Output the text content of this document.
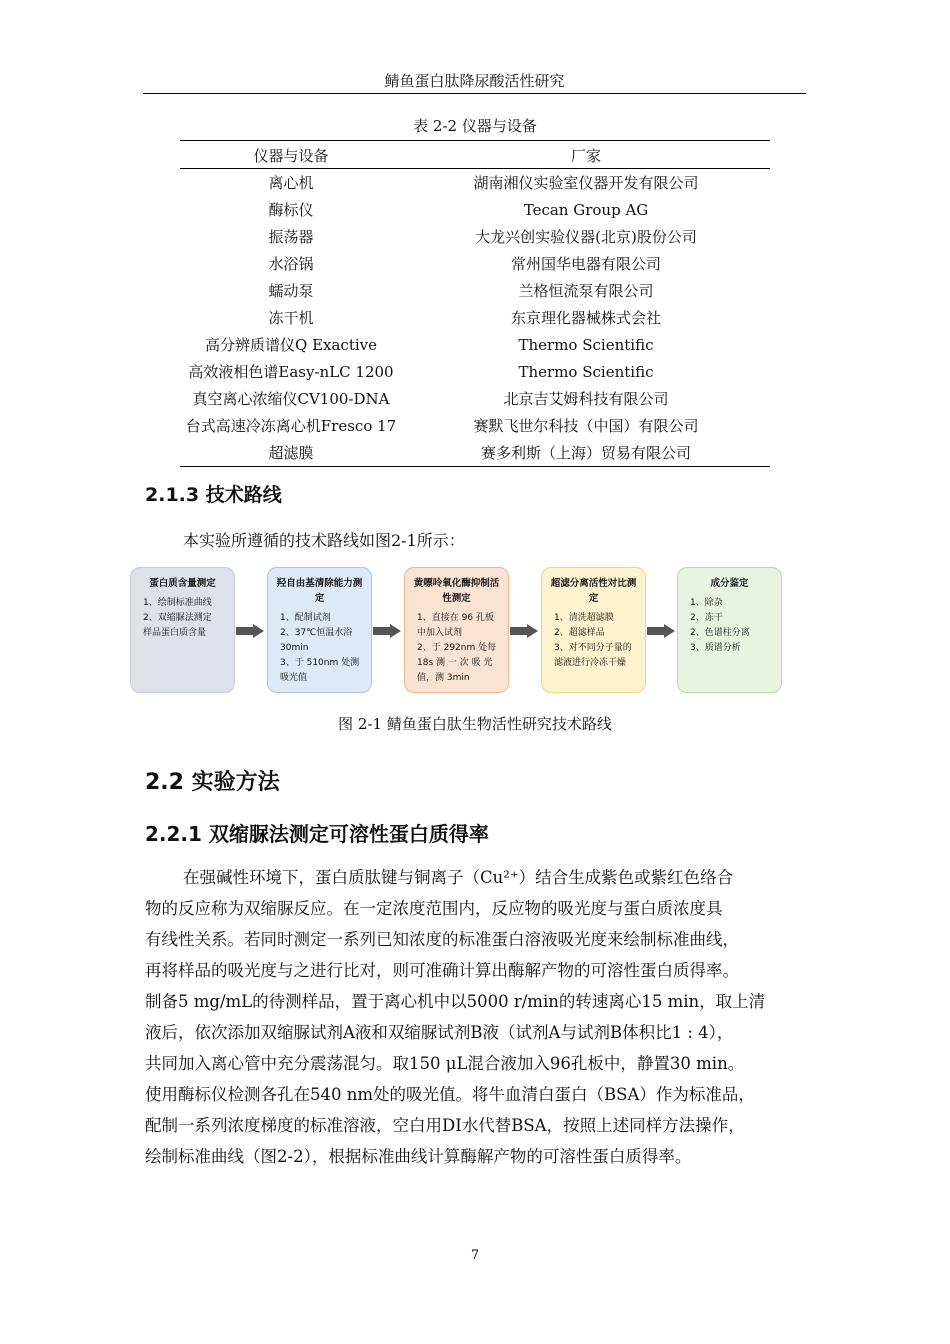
鲭鱼蛋白肽降尿酸活性研究
表 2-2 仪器与设备
仪器与设备	厂家
离心机	湖南湘仪实验室仪器开发有限公司
酶标仪	Tecan Group AG
振荡器	大龙兴创实验仪器(北京)股份公司
水浴锅	常州国华电器有限公司
蠕动泵	兰格恒流泵有限公司
冻干机	东京理化器械株式会社
高分辨质谱仪Q Exactive	Thermo Scientific
高效液相色谱Easy-nLC 1200	Thermo Scientific
真空离心浓缩仪CV100-DNA	北京吉艾姆科技有限公司
台式高速冷冻离心机Fresco 17	赛默飞世尔科技（中国）有限公司
超滤膜	赛多利斯（上海）贸易有限公司
2.1.3 技术路线

本实验所遵循的技术路线如图2-1所示：

蛋白质含量测定
1、绘制标准曲线
2、双缩脲法测定
样品蛋白质含量
羟自由基清除能力测定
1、配制试剂
2、37℃恒温水浴
30min
3、于 510nm 处测
吸光值
黄嘌呤氧化酶抑制活性测定
1、直接在 96 孔板
中加入试剂
2、于 292nm 处每
18s 测 一 次 吸 光
值，测 3min
超滤分离活性对比测定
1、清洗超滤膜
2、超滤样品
3、对不同分子量的
滤液进行冷冻干燥
成分鉴定
1、除杂
2、冻干
2、色谱柱分离
3、质谱分析
图 2-1 鲭鱼蛋白肽生物活性研究技术路线
2.2 实验方法
2.2.1 双缩脲法测定可溶性蛋白质得率
在强碱性环境下，蛋白质肽键与铜离子（Cu²⁺）结合生成紫色或紫红色络合
物的反应称为双缩脲反应。在一定浓度范围内，反应物的吸光度与蛋白质浓度具
有线性关系。若同时测定一系列已知浓度的标准蛋白溶液吸光度来绘制标准曲线，
再将样品的吸光度与之进行比对，则可准确计算出酶解产物的可溶性蛋白质得率。
制备5 mg/mL的待测样品，置于离心机中以5000 r/min的转速离心15 min，取上清
液后，依次添加双缩脲试剂A液和双缩脲试剂B液（试剂A与试剂B体积比1 : 4），
共同加入离心管中充分震荡混匀。取150 μL混合液加入96孔板中，静置30 min。
使用酶标仪检测各孔在540 nm处的吸光值。将牛血清白蛋白（BSA）作为标准品，
配制一系列浓度梯度的标准溶液，空白用DI水代替BSA，按照上述同样方法操作，
绘制标准曲线（图2-2），根据标准曲线计算酶解产物的可溶性蛋白质得率。
7
